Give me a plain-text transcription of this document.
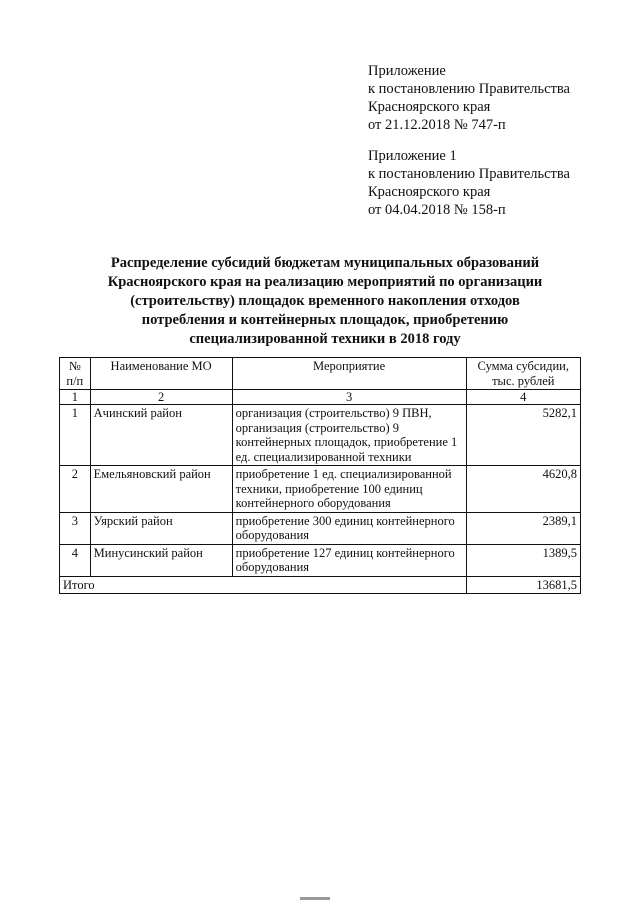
Приложение
к постановлению Правительства
Красноярского края
от 21.12.2018 № 747-п
Приложение 1
к постановлению Правительства
Красноярского края
от 04.04.2018 № 158-п
Распределение субсидий бюджетам муниципальных образований
Красноярского края на реализацию мероприятий по организации
(строительству) площадок временного накопления отходов
потребления и контейнерных площадок, приобретению
специализированной техники в 2018 году
№ п/п	Наименование МО	Мероприятие	Сумма субсидии, тыс. рублей
1	2	3	4
1	Ачинский район	организация (строительство) 9 ПВН, организация (строительство) 9 контейнерных площадок, приобретение 1 ед. специализированной техники	5282,1
2	Емельяновский район	приобретение 1 ед. специализированной техники, приобретение 100 единиц контейнерного оборудования	4620,8
3	Уярский район	приобретение 300 единиц контейнерного оборудования	2389,1
4	Минусинский район	приобретение 127 единиц контейнерного оборудования	1389,5
Итого			13681,5
